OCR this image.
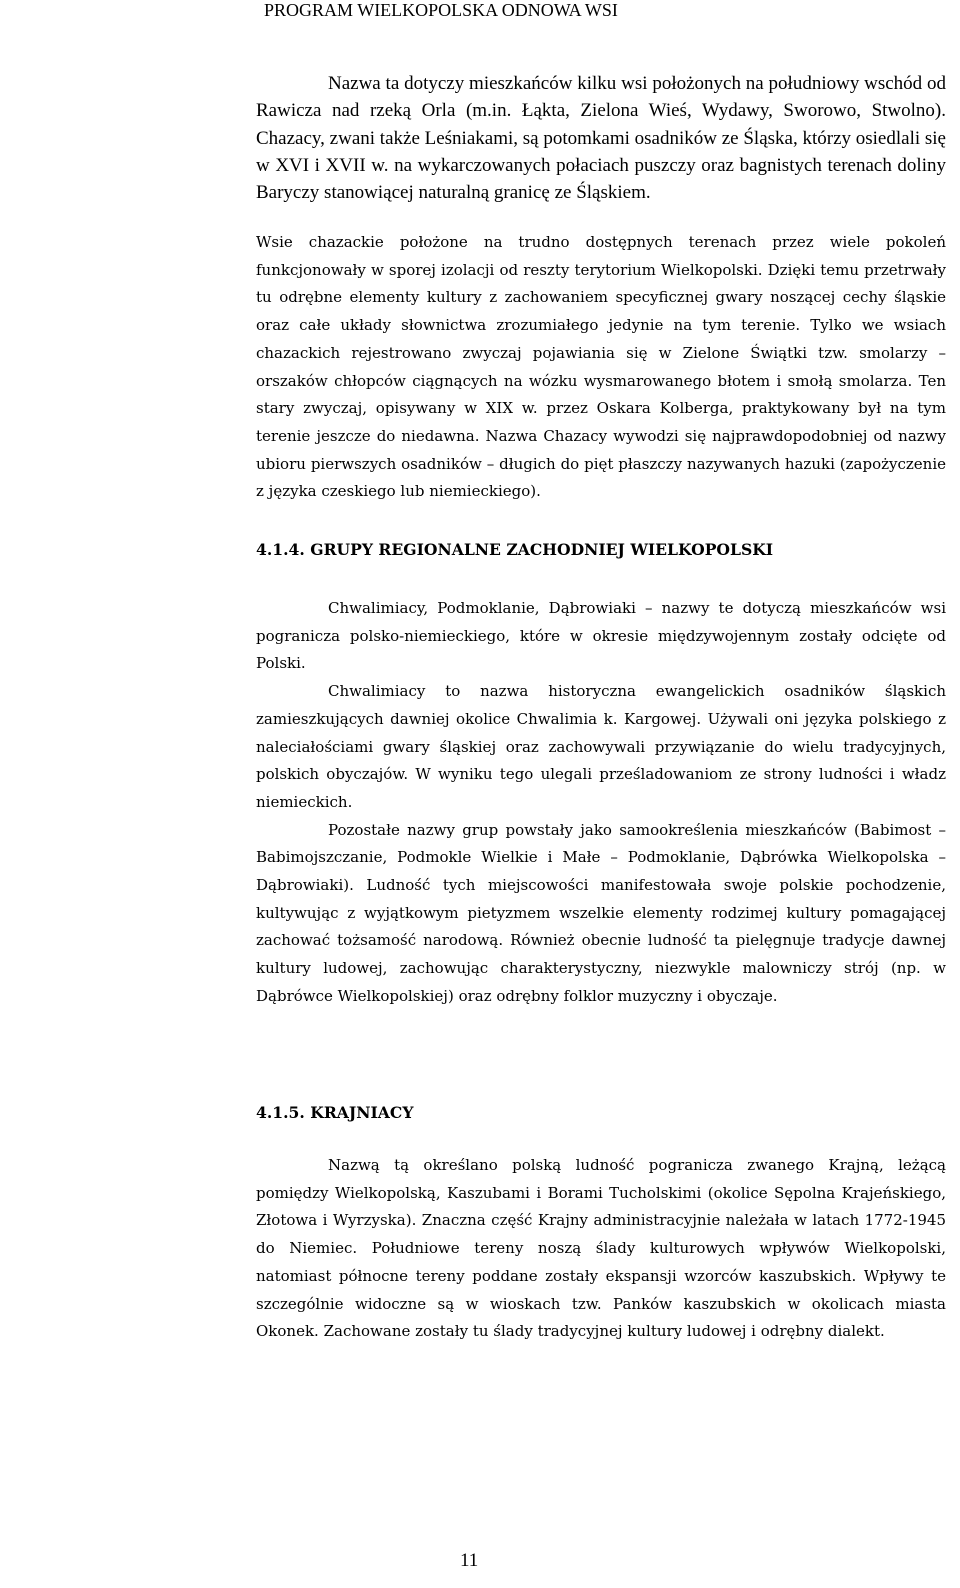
PROGRAM WIELKOPOLSKA ODNOWA WSI

Nazwa ta dotyczy mieszkańców kilku wsi położonych na południowy wschód od Rawicza nad rzeką Orla (m.in. Łąkta, Zielona Wieś, Wydawy, Sworowo, Stwolno). Chazacy, zwani także Leśniakami, są potomkami osadników ze Śląska, którzy osiedlali się w XVI i XVII w. na wykarczowanych połaciach puszczy oraz bagnistych terenach doliny Baryczy stanowiącej naturalną granicę ze Śląskiem.

Wsie chazackie położone na trudno dostępnych terenach przez wiele pokoleń funkcjonowały w sporej izolacji od reszty terytorium Wielkopolski. Dzięki temu przetrwały tu odrębne elementy kultury z zachowaniem specyficznej gwary noszącej cechy śląskie oraz całe układy słownictwa zrozumiałego jedynie na tym terenie. Tylko we wsiach chazackich rejestrowano zwyczaj pojawiania się w Zielone Świątki tzw. smolarzy – orszaków chłopców ciągnących na wózku wysmarowanego błotem i smołą smolarza. Ten stary zwyczaj, opisywany w XIX w. przez Oskara Kolberga, praktykowany był na tym terenie jeszcze do niedawna. Nazwa Chazacy wywodzi się najprawdopodobniej od nazwy ubioru pierwszych osadników – długich do pięt płaszczy nazywanych hazuki (zapożyczenie z języka czeskiego lub niemieckiego).

4.1.4. GRUPY REGIONALNE ZACHODNIEJ WIELKOPOLSKI

Chwalimiacy, Podmoklanie, Dąbrowiaki – nazwy te dotyczą mieszkańców wsi pogranicza polsko-niemieckiego, które w okresie międzywojennym zostały odcięte od Polski.

Chwalimiacy to nazwa historyczna ewangelickich osadników śląskich zamieszkujących dawniej okolice Chwalimia k. Kargowej. Używali oni języka polskiego z naleciałościami gwary śląskiej oraz zachowywali przywiązanie do wielu tradycyjnych, polskich obyczajów. W wyniku tego ulegali prześladowaniom ze strony ludności i władz niemieckich.

Pozostałe nazwy grup powstały jako samookreślenia mieszkańców (Babimost – Babimojszczanie, Podmokle Wielkie i Małe – Podmoklanie, Dąbrówka Wielkopolska – Dąbrowiaki). Ludność tych miejscowości manifestowała swoje polskie pochodzenie, kultywując z wyjątkowym pietyzmem wszelkie elementy rodzimej kultury pomagającej zachować tożsamość narodową. Również obecnie ludność ta pielęgnuje tradycje dawnej kultury ludowej, zachowując charakterystyczny, niezwykle malowniczy strój (np. w Dąbrówce Wielkopolskiej) oraz odrębny folklor muzyczny i obyczaje.

4.1.5. KRAJNIACY

Nazwą tą określano polską ludność pogranicza zwanego Krajną, leżącą pomiędzy Wielkopolską, Kaszubami i Borami Tucholskimi (okolice Sępolna Krajeńskiego, Złotowa i Wyrzyska). Znaczna część Krajny administracyjnie należała w latach 1772-1945 do Niemiec. Południowe tereny noszą ślady kulturowych wpływów Wielkopolski, natomiast północne tereny poddane zostały ekspansji wzorców kaszubskich. Wpływy te szczególnie widoczne są w wioskach tzw. Panków kaszubskich w okolicach miasta Okonek. Zachowane zostały tu ślady tradycyjnej kultury ludowej i odrębny dialekt.

11
